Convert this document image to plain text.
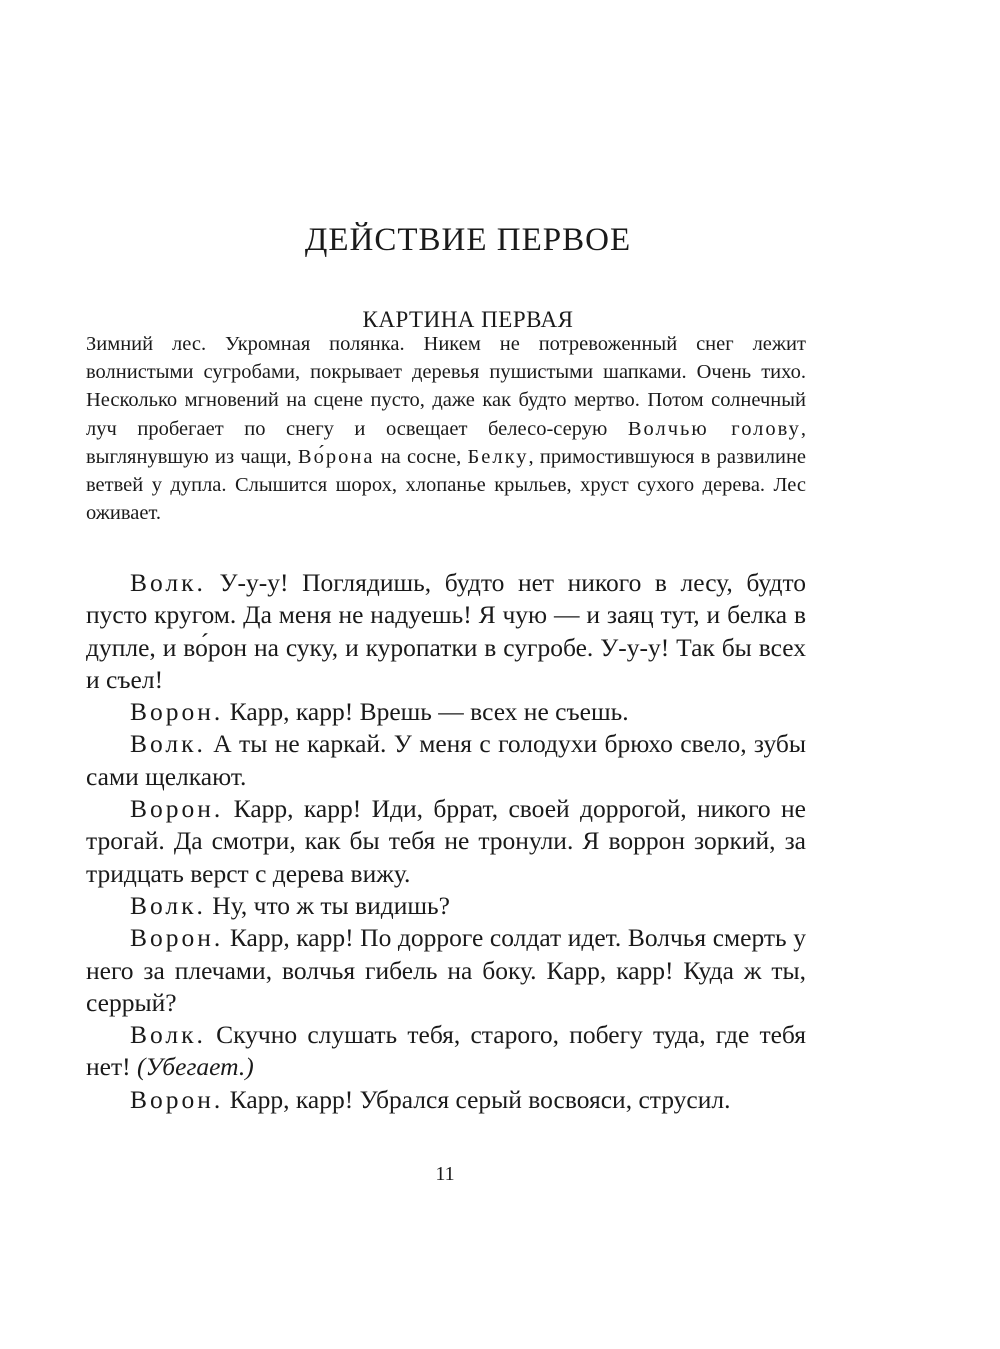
ДЕЙСТВИЕ ПЕРВОЕ
КАРТИНА ПЕРВАЯ

Зимний лес. Укромная полянка. Никем не потревоженный снег лежит волнистыми сугробами, покрывает деревья пушистыми шапками. Очень тихо. Несколько мгновений на сцене пусто, даже как будто мертво. Потом солнечный луч пробегает по снегу и освещает белесо-серую Волчью голову, выглянувшую из чащи, Во́рона на сосне, Белку, примостившуюся в развилине ветвей у дупла. Слышится шорох, хлопанье крыльев, хруст сухого дерева. Лес оживает.

Волк. У-у-у! Поглядишь, будто нет никого в лесу, будто пусто кругом. Да меня не надуешь! Я чую — и заяц тут, и белка в дупле, и во́рон на суку, и куропатки в сугробе. У-у-у! Так бы всех и съел!

Ворон. Карр, карр! Врешь — всех не съешь.

Волк. А ты не каркай. У меня с голодухи брюхо свело, зубы сами щелкают.

Ворон. Карр, карр! Иди, бррат, своей доррогой, никого не трогай. Да смотри, как бы тебя не тронули. Я воррон зоркий, за тридцать верст с дерева вижу.

Волк. Ну, что ж ты видишь?

Ворон. Карр, карр! По дорроге солдат идет. Волчья смерть у него за плечами, волчья гибель на боку. Карр, карр! Куда ж ты, серрый?

Волк. Скучно слушать тебя, старого, побегу туда, где тебя нет! (Убегает.)

Ворон. Карр, карр! Убрался серый восвояси, струсил.

11
